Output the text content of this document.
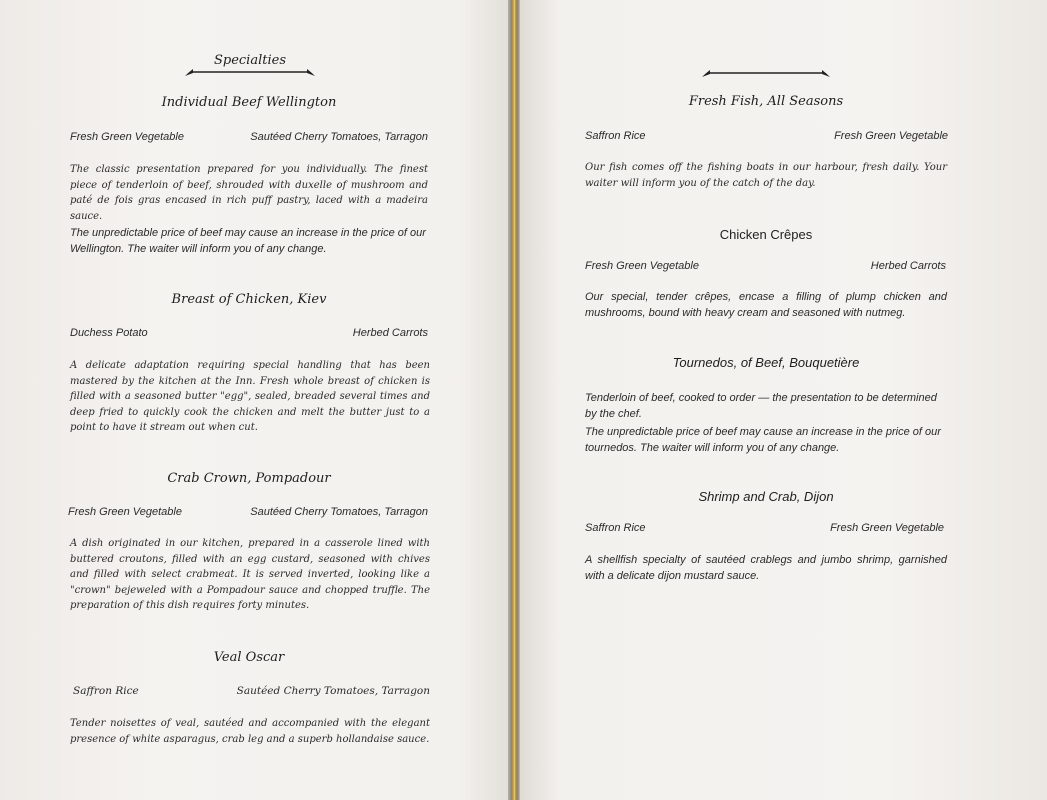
Specialties
Individual Beef Wellington
Fresh Green Vegetable	Sautéed Cherry Tomatoes, Tarragon

The classic presentation prepared for you individually. The finest piece of tenderloin of beef, shrouded with duxelle of mushroom and paté de fois gras encased in rich puff pastry, laced with a madeira sauce.

The unpredictable price of beef may cause an increase in the price of our Wellington. The waiter will inform you of any change.
Breast of Chicken, Kiev
Duchess Potato	Herbed Carrots

A delicate adaptation requiring special handling that has been mastered by the kitchen at the Inn. Fresh whole breast of chicken is filled with a seasoned butter "egg", sealed, breaded several times and deep fried to quickly cook the chicken and melt the butter just to a point to have it stream out when cut.

Crab Crown, Pompadour
Fresh Green Vegetable	Sautéed Cherry Tomatoes, Tarragon

A dish originated in our kitchen, prepared in a casserole lined with buttered croutons, filled with an egg custard, seasoned with chives and filled with select crabmeat. It is served inverted, looking like a "crown" bejeweled with a Pompadour sauce and chopped truffle. The preparation of this dish requires forty minutes.

Veal Oscar
Saffron Rice	Sautéed Cherry Tomatoes, Tarragon

Tender noisettes of veal, sautéed and accompanied with the elegant presence of white asparagus, crab leg and a superb hollandaise sauce.

Fresh Fish, All Seasons
Saffron Rice	Fresh Green Vegetable

Our fish comes off the fishing boats in our harbour, fresh daily. Your waiter will inform you of the catch of the day.

Chicken Crêpes
Fresh Green Vegetable	Herbed Carrots

Our special, tender crêpes, encase a filling of plump chicken and mushrooms, bound with heavy cream and seasoned with nutmeg.

Tournedos, of Beef, Bouquetière

Tenderloin of beef, cooked to order — the presentation to be determined by the chef.

The unpredictable price of beef may cause an increase in the price of our tournedos. The waiter will inform you of any change.
Shrimp and Crab, Dijon
Saffron Rice	Fresh Green Vegetable

A shellfish specialty of sautéed crablegs and jumbo shrimp, garnished with a delicate dijon mustard sauce.
